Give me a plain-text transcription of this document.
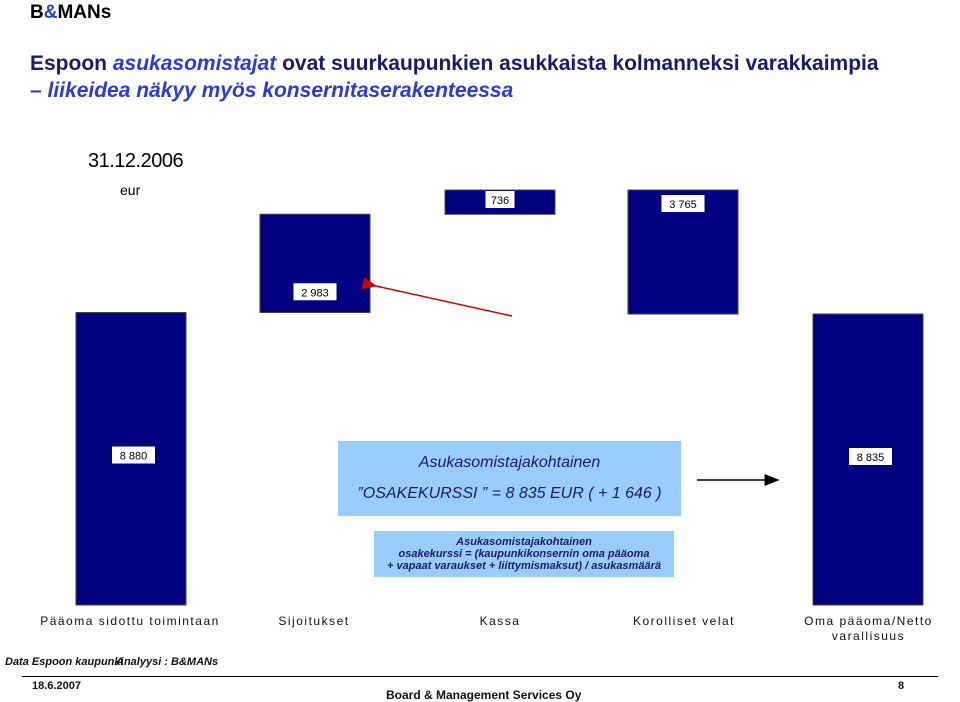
B&MANs
Espoon asukasomistajat ovat suurkaupunkien asukkaista kolmanneksi varakkaimpia
– liikeidea näkyy myös konsernitaserakenteessa
31.12.2006
eur
8 880
2 983
736	3 765
8 835
Asukasomistajakohtainen
”OSAKEKURSSI ” = 8 835 EUR ( + 1 646 )
Asukasomistajakohtainen
osakekurssi = (kaupunkikonsernin oma pääoma
+ vapaat varaukset + liittymismaksut) / asukasmäärä
Pääoma sidottu toimintaan	Sijoitukset	Kassa	Korolliset velat	Oma pääoma/Netto varallisuus
Data Espoon kaupunki
Analyysi : B&MANs
18.6.2007
Board & Management Services Oy
8
